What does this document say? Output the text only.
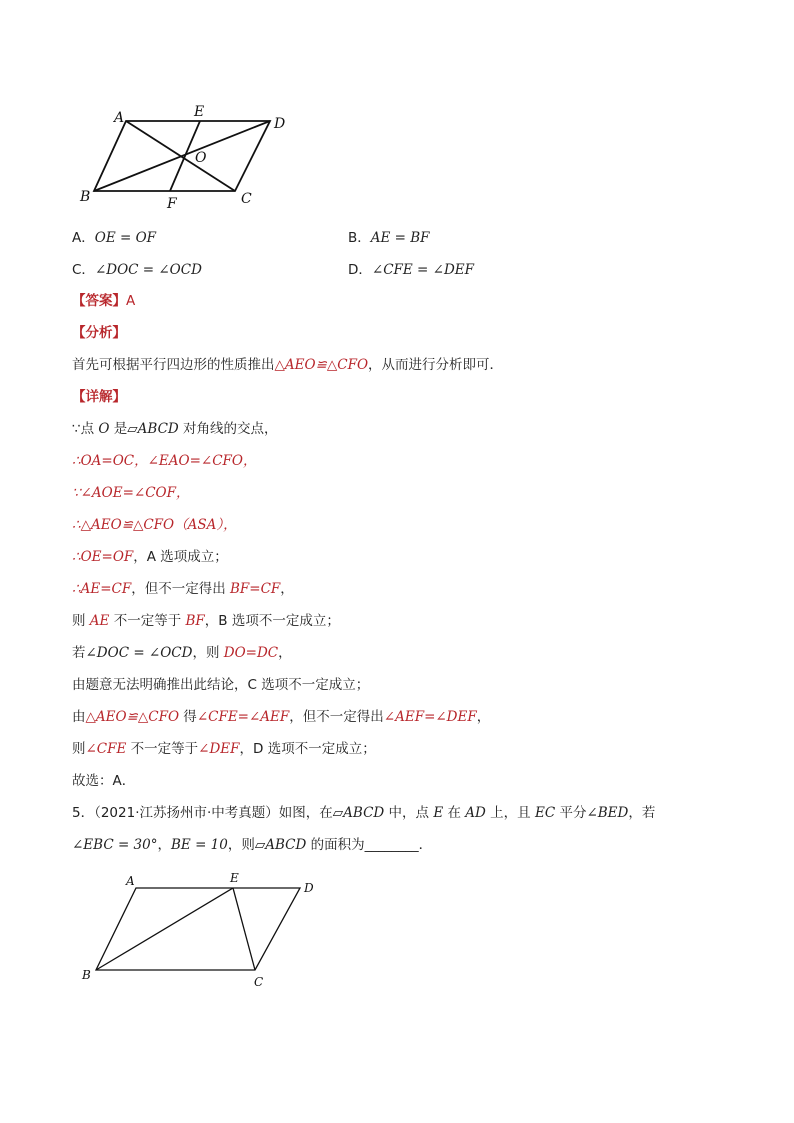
A	E
D
O
B	F	C
A．OE = OF	B．AE = BF
C．∠DOC = ∠OCD	D．∠CFE = ∠DEF
【答案】A
【分析】
首先可根据平行四边形的性质推出△AEO≌△CFO，从而进行分析即可．
【详解】
∵点 O 是▱ABCD 对角线的交点，
∴OA=OC，∠EAO=∠CFO，
∵∠AOE=∠COF，
∴△AEO≌△CFO（ASA），
∴OE=OF，A 选项成立；
∴AE=CF，但不一定得出 BF=CF，
则 AE 不一定等于 BF，B 选项不一定成立；
若∠DOC = ∠OCD，则 DO=DC，
由题意无法明确推出此结论，C 选项不一定成立；
由△AEO≌△CFO 得∠CFE=∠AEF，但不一定得出∠AEF=∠DEF，
则∠CFE 不一定等于∠DEF，D 选项不一定成立；
故选：A．
5．（2021·江苏扬州市·中考真题）如图，在▱ABCD 中，点 E 在 AD 上，且 EC 平分∠BED，若
∠EBC = 30°，BE = 10，则▱ABCD 的面积为________．
A	E
D
B	C
